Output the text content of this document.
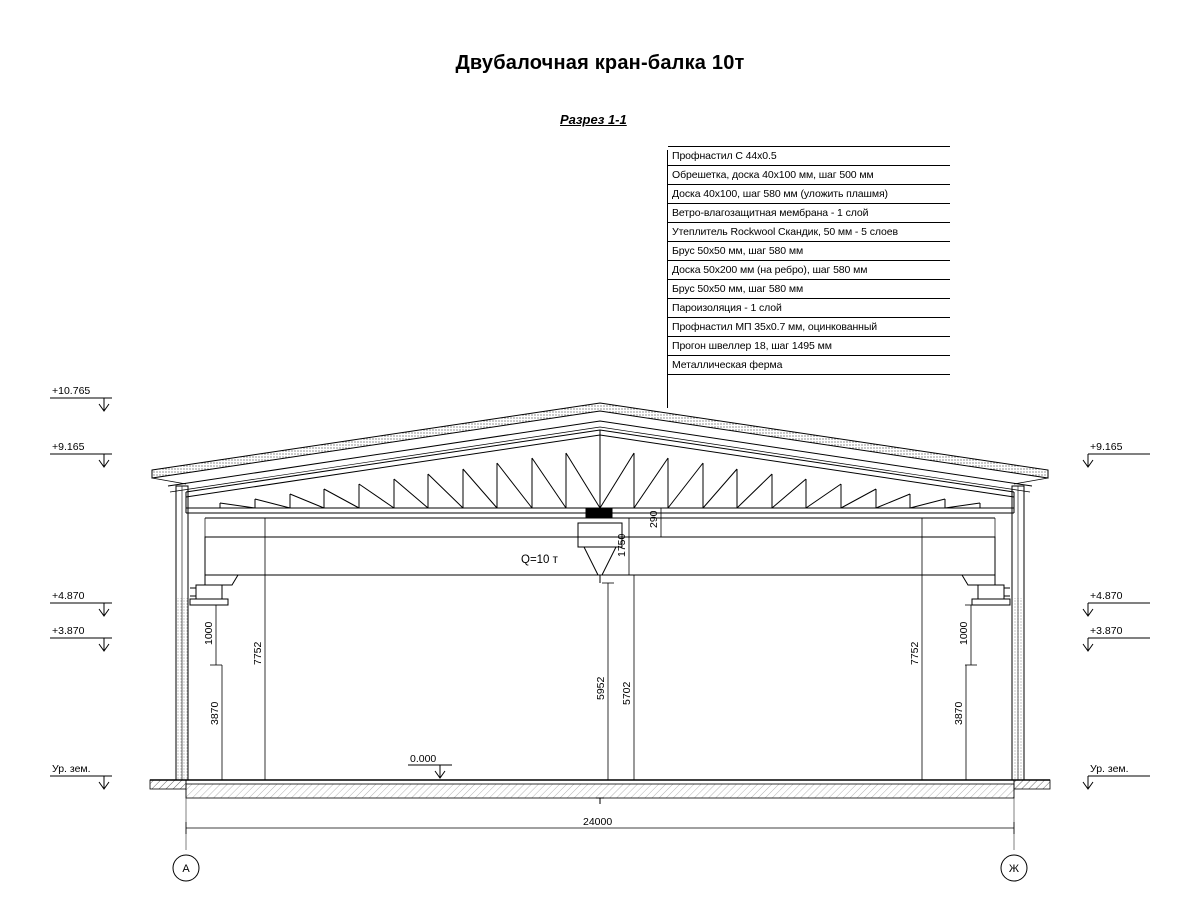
Двубалочная кран-балка 10т
Разрез 1-1
Профнастил С 44х0.5
Обрешетка, доска 40х100 мм, шаг 500 мм
Доска 40х100, шаг 580 мм (уложить плашмя)
Ветро-влагозащитная мембрана - 1 слой
Утеплитель Rockwool Скандик, 50 мм - 5 слоев
Брус 50х50 мм, шаг 580 мм
Доска 50х200 мм (на ребро), шаг 580 мм
Брус 50х50 мм, шаг 580 мм
Пароизоляция - 1 слой
Профнастил МП 35х0.7 мм, оцинкованный
Прогон швеллер 18, шаг 1495 мм
Металлическая ферма
Q=10 т
+10.765
+9.165
+4.870
+3.870
Ур. зем.
+9.165
+4.870
+3.870
Ур. зем.
0.000
290
1750
1000
7752
5952 5702
3870
1000
7752
3870
24000
А	Ж
